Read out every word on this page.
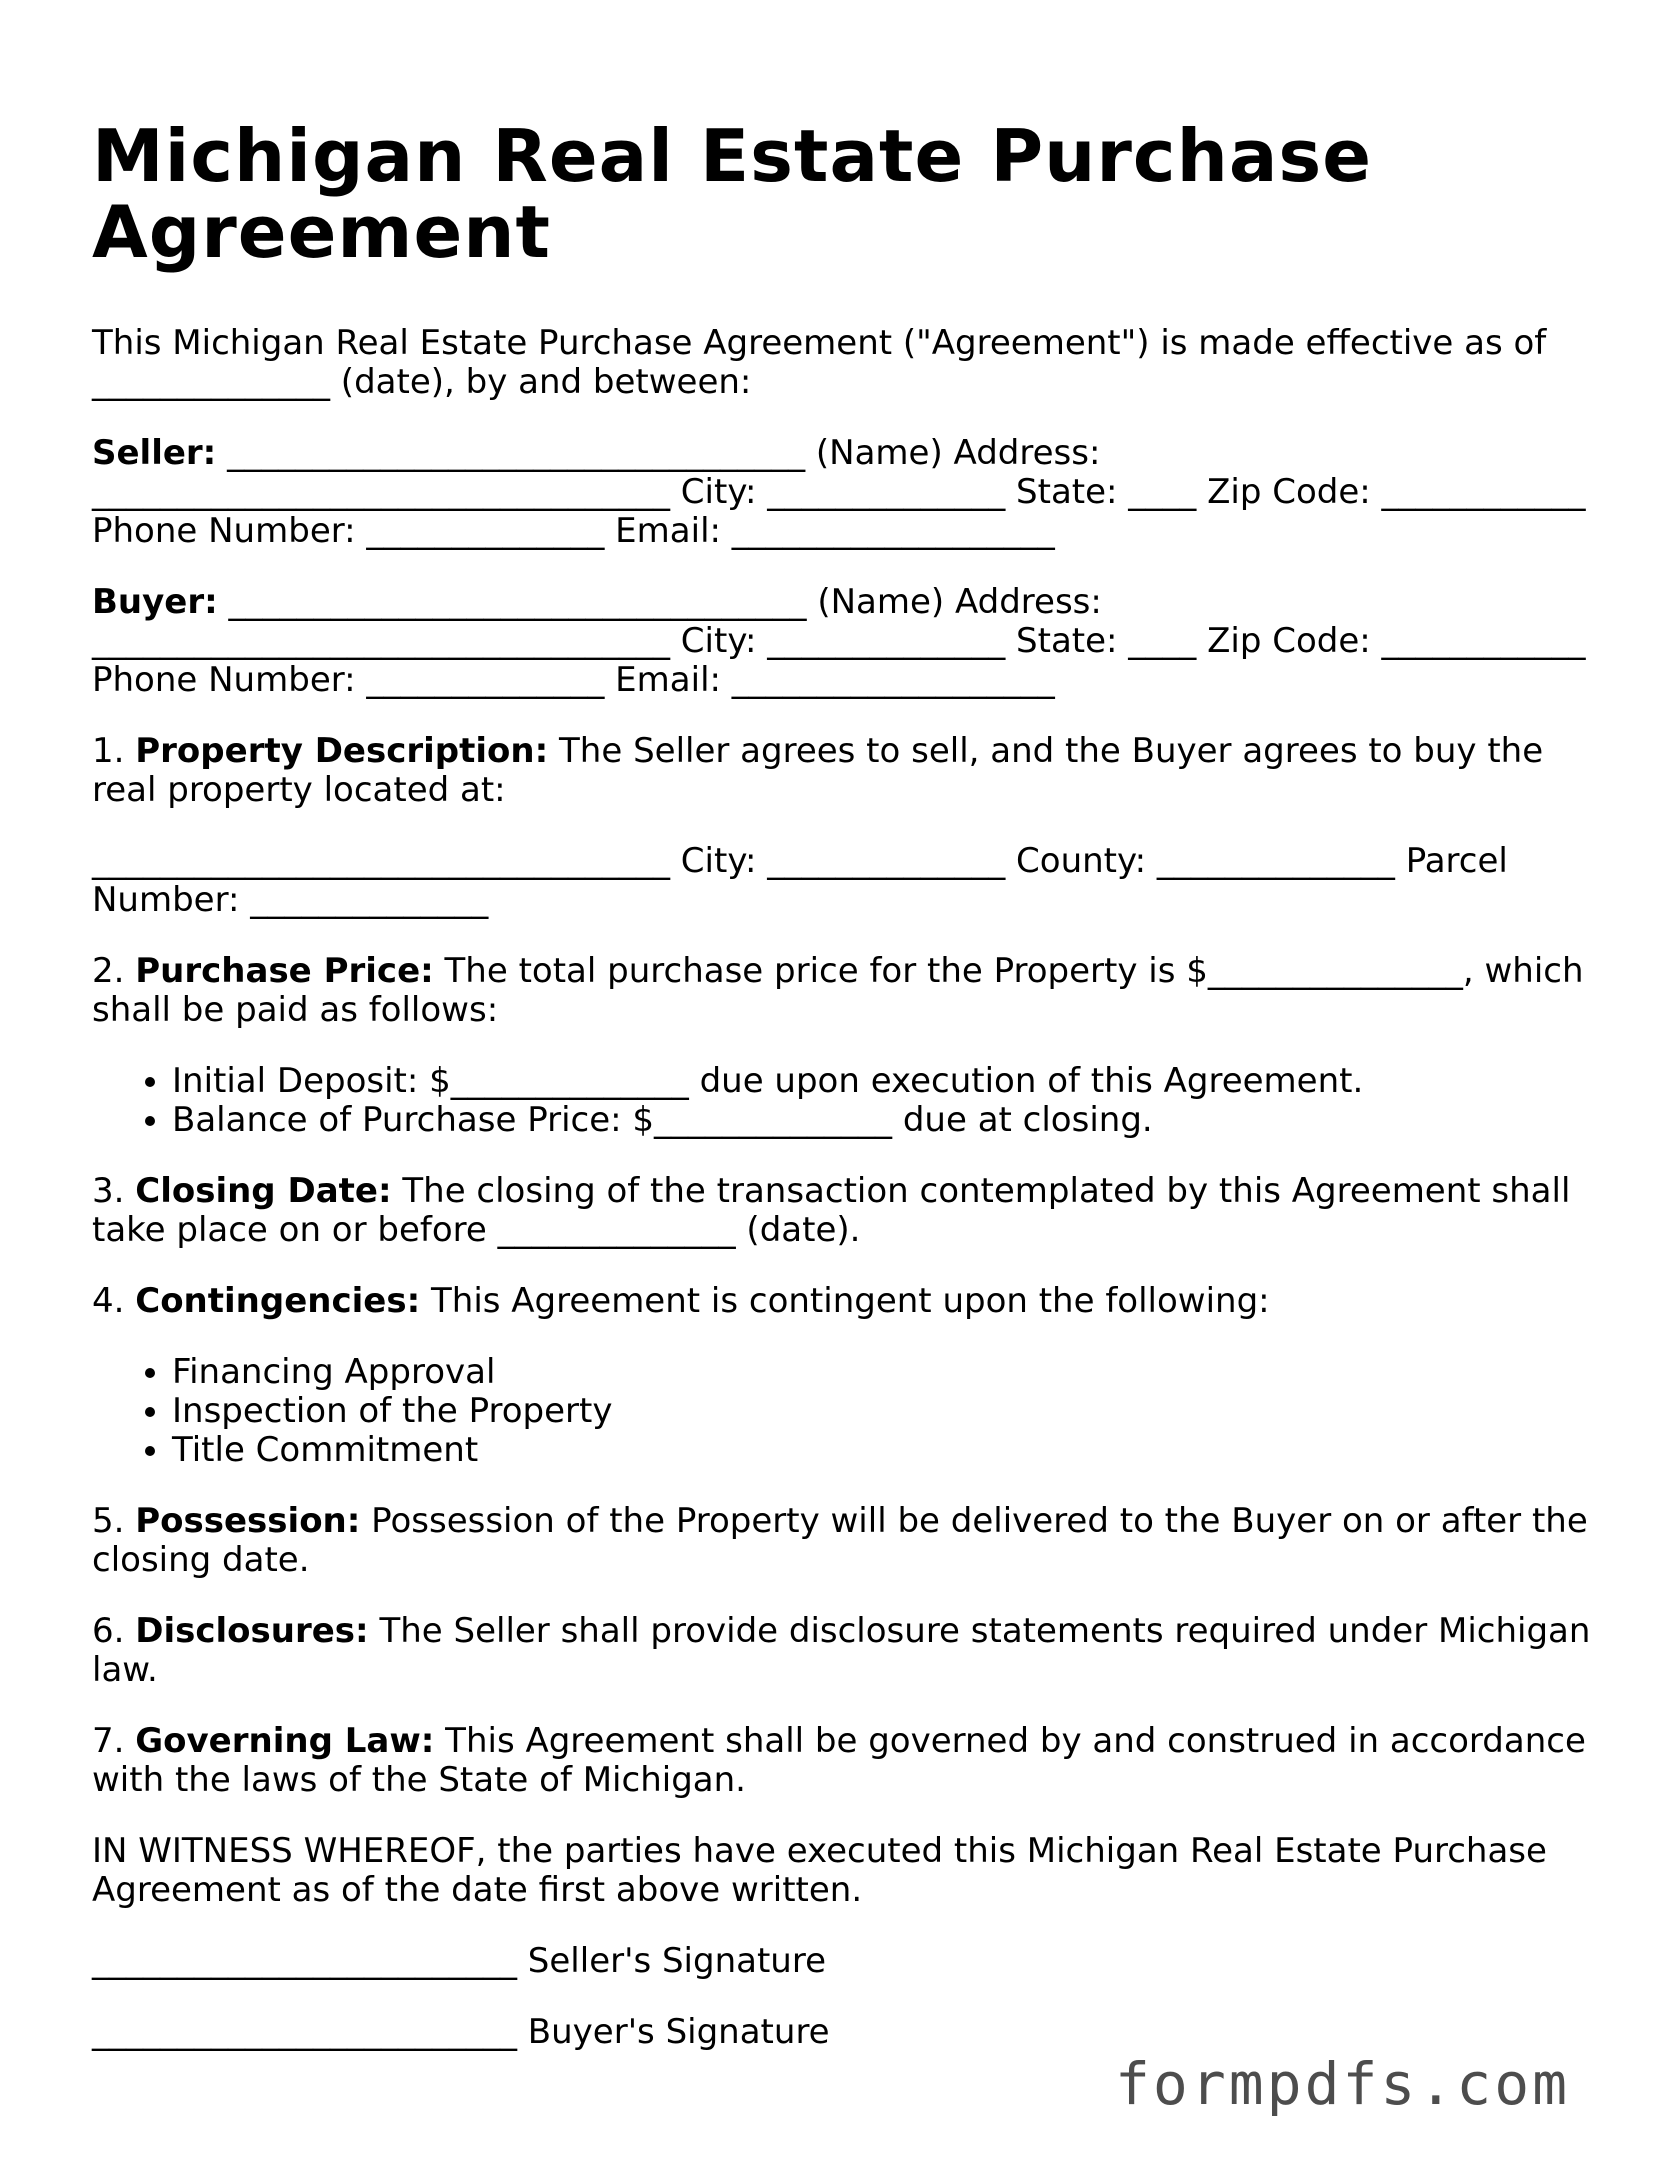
Michigan Real Estate Purchase Agreement

This Michigan Real Estate Purchase Agreement ("Agreement") is made effective as of ______________ (date), by and between:

Seller: __________________________________ (Name) Address: __________________________________ City: ______________ State: ____ Zip Code: ____________ Phone Number: ______________ Email: ___________________

Buyer: __________________________________ (Name) Address: __________________________________ City: ______________ State: ____ Zip Code: ____________ Phone Number: ______________ Email: ___________________

1. Property Description: The Seller agrees to sell, and the Buyer agrees to buy the real property located at:

__________________________________ City: ______________ County: ______________ Parcel Number: ______________

2. Purchase Price: The total purchase price for the Property is $_______________, which shall be paid as follows:

• Initial Deposit: $______________ due upon execution of this Agreement.
• Balance of Purchase Price: $______________ due at closing.

3. Closing Date: The closing of the transaction contemplated by this Agreement shall take place on or before ______________ (date).

4. Contingencies: This Agreement is contingent upon the following:

• Financing Approval
• Inspection of the Property
• Title Commitment

5. Possession: Possession of the Property will be delivered to the Buyer on or after the closing date.

6. Disclosures: The Seller shall provide disclosure statements required under Michigan law.

7. Governing Law: This Agreement shall be governed by and construed in accordance with the laws of the State of Michigan.

IN WITNESS WHEREOF, the parties have executed this Michigan Real Estate Purchase Agreement as of the date first above written.

_________________________ Seller's Signature

_________________________ Buyer's Signature

formpdfs.com
